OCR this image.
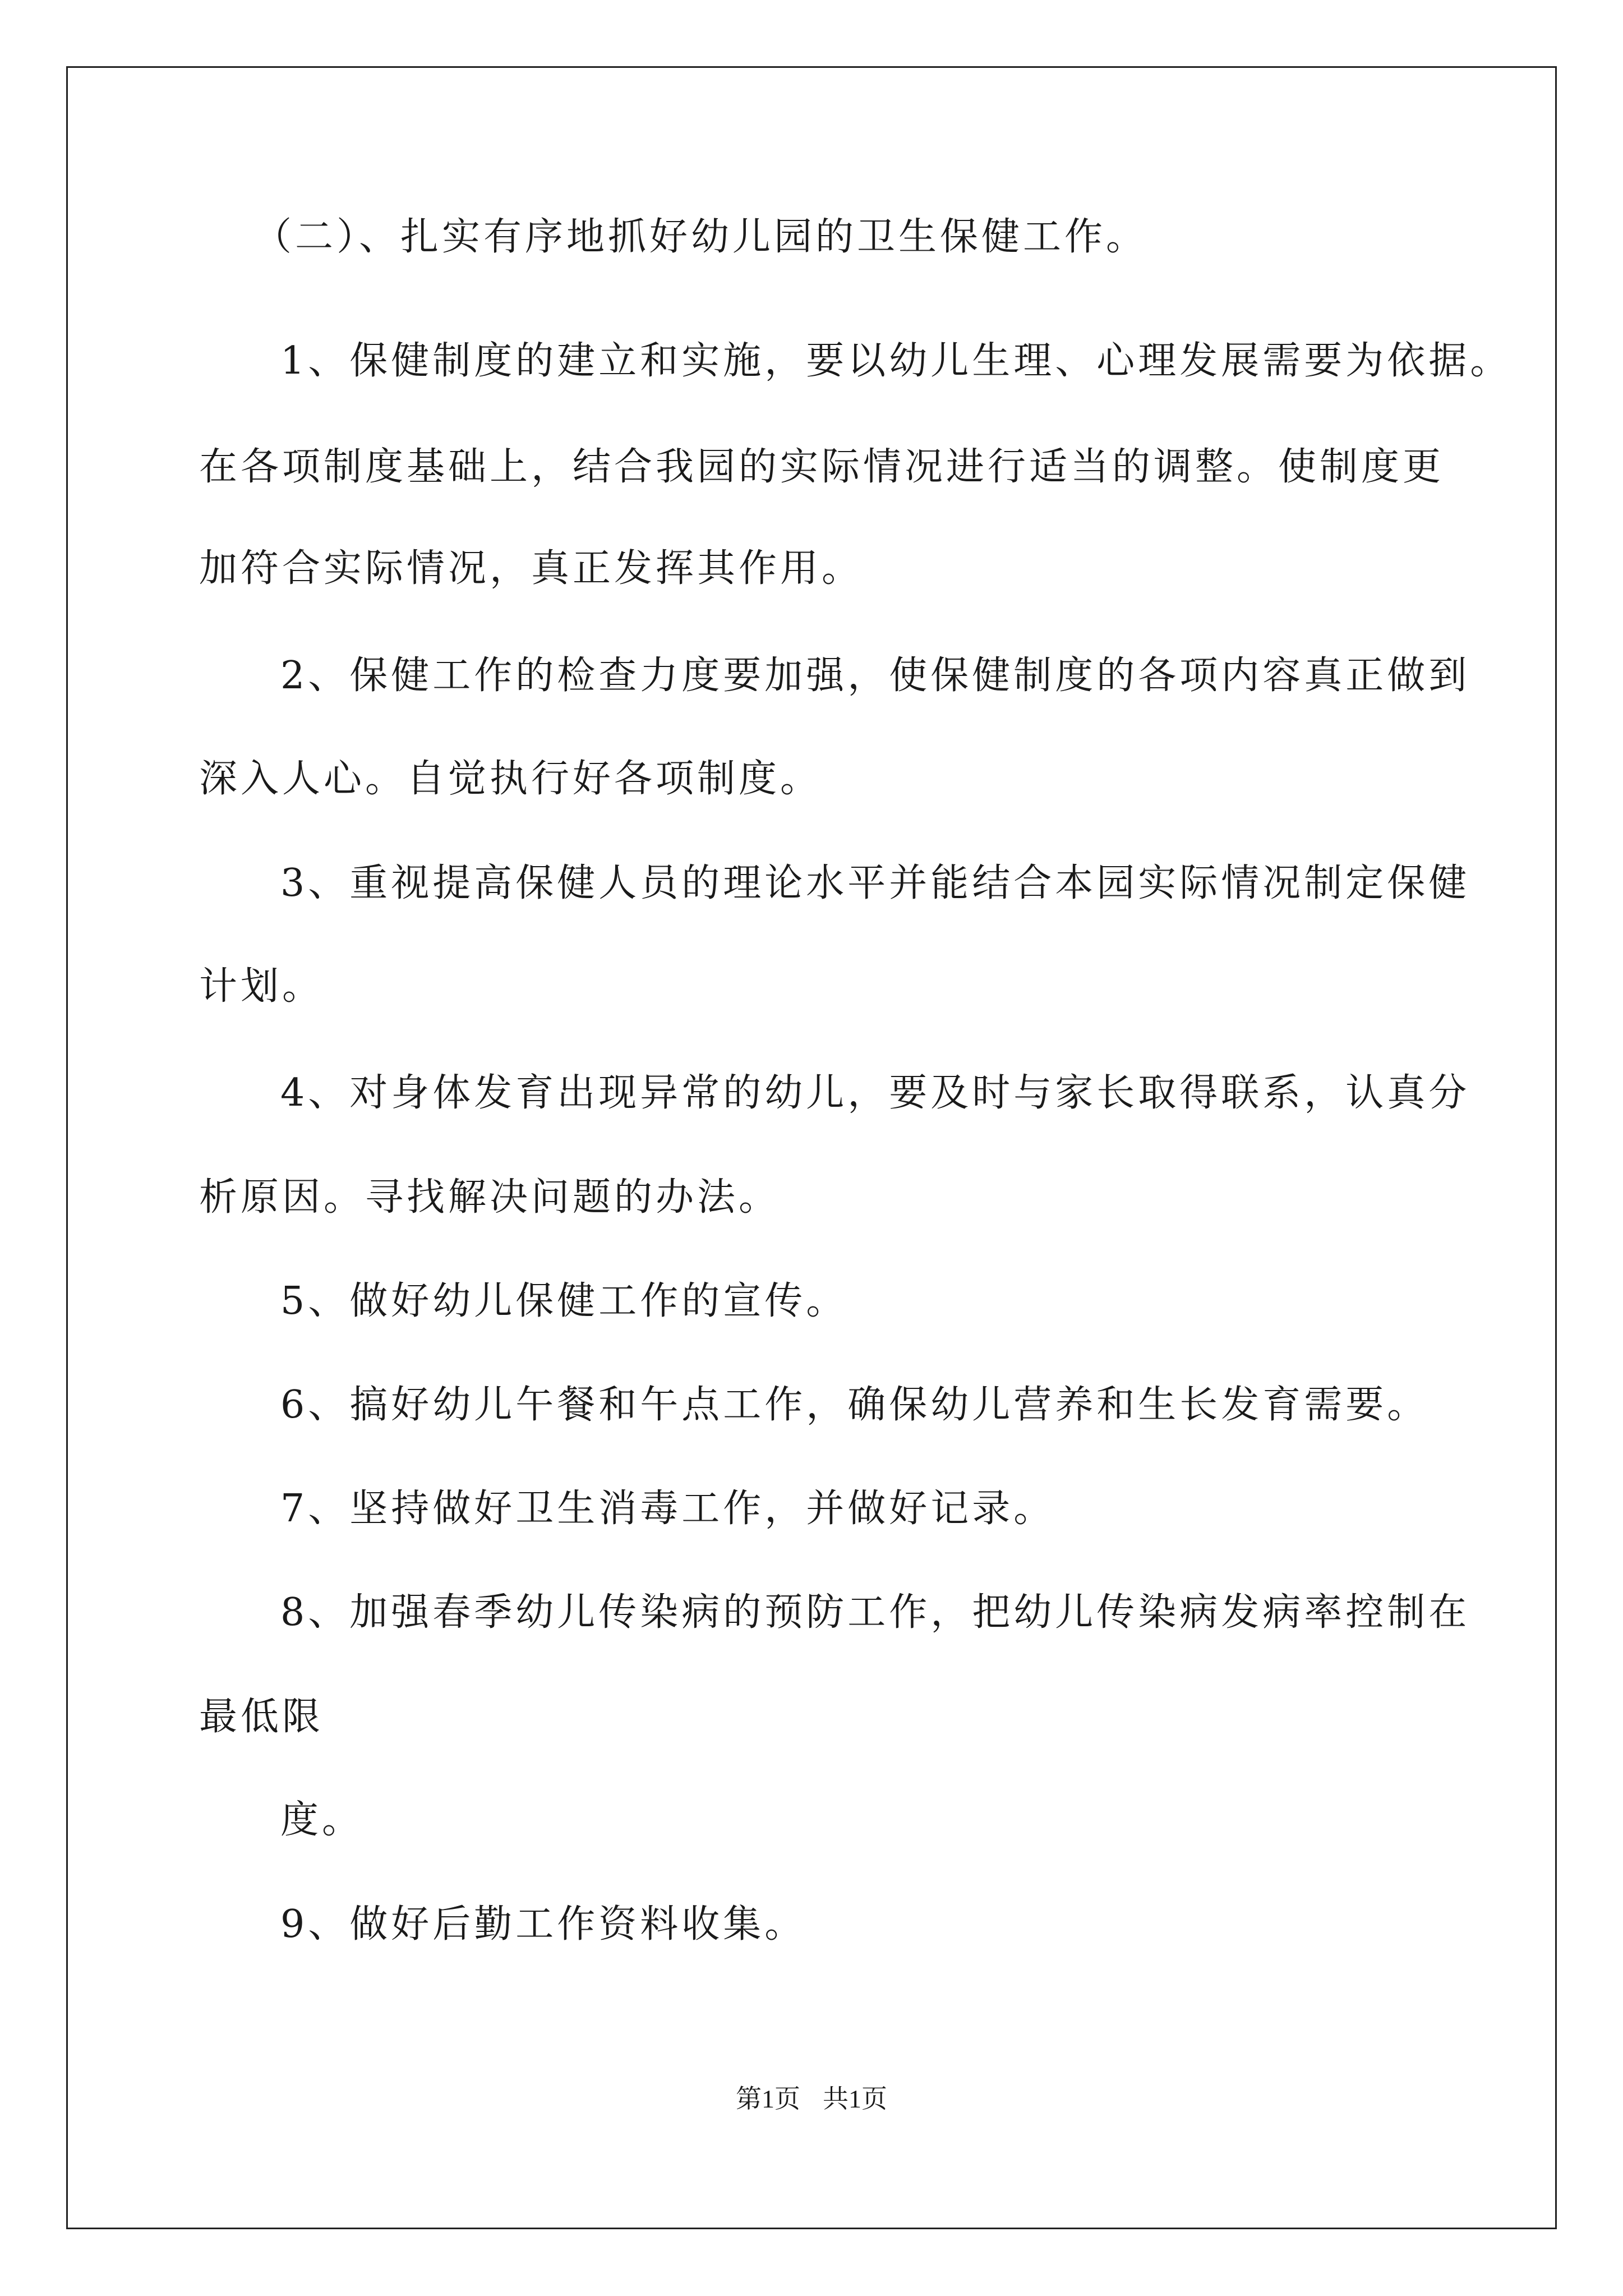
（二）、扎实有序地抓好幼儿园的卫生保健工作。

1、保健制度的建立和实施，要以幼儿生理、心理发展需要为依据。

在各项制度基础上，结合我园的实际情况进行适当的调整。使制度更

加符合实际情况，真正发挥其作用。

2、保健工作的检查力度要加强，使保健制度的各项内容真正做到

深入人心。自觉执行好各项制度。

3、重视提高保健人员的理论水平并能结合本园实际情况制定保健

计划。

4、对身体发育出现异常的幼儿，要及时与家长取得联系，认真分

析原因。寻找解决问题的办法。

5、做好幼儿保健工作的宣传。

6、搞好幼儿午餐和午点工作，确保幼儿营养和生长发育需要。

7、坚持做好卫生消毒工作，并做好记录。

8、加强春季幼儿传染病的预防工作，把幼儿传染病发病率控制在

最低限

度。

9、做好后勤工作资料收集。

第1页 共1页
